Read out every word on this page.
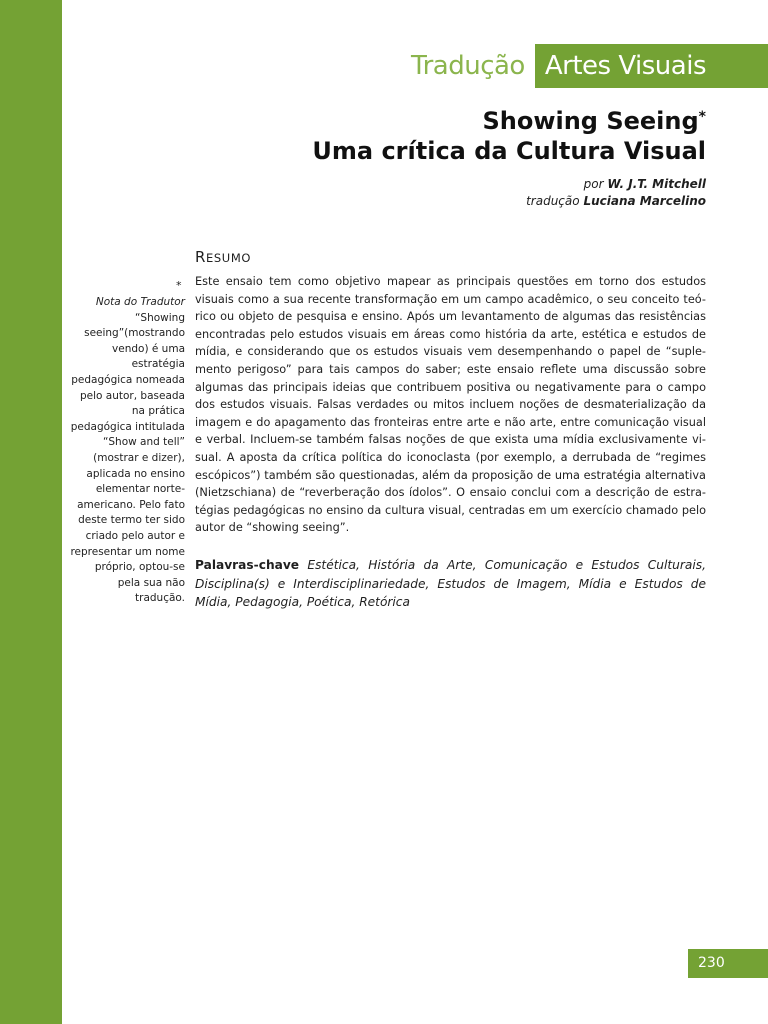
Tradução Artes Visuais
Showing Seeing*
Uma crítica da Cultura Visual
por W. J.T. Mitchell
tradução Luciana Marcelino
RESUMO
*
Nota do Tradutor
“Showing seeing”(mostrando vendo) é uma estratégia pedagógica nomeada pelo autor, baseada na prática pedagógica intitulada “Show and tell” (mostrar e dizer), aplicada no ensino elementar norte-americano. Pelo fato deste termo ter sido criado pelo autor e representar um nome próprio, optou-se pela sua não tradução.

Este ensaio tem como objetivo mapear as principais questões em torno dos estudos visuais como a sua recente transformação em um campo acadêmico, o seu conceito teó-rico ou objeto de pesquisa e ensino. Após um levantamento de algumas das resistências encontradas pelo estudos visuais em áreas como história da arte, estética e estudos de mídia, e considerando que os estudos visuais vem desempenhando o papel de “suple-mento perigoso” para tais campos do saber; este ensaio reflete uma discussão sobre algumas das principais ideias que contribuem positiva ou negativamente para o campo dos estudos visuais. Falsas verdades ou mitos incluem noções de desmaterialização da imagem e do apagamento das fronteiras entre arte e não arte, entre comunicação visual e verbal. Incluem-se também falsas noções de que exista uma mídia exclusivamente vi-sual. A aposta da crítica política do iconoclasta (por exemplo, a derrubada de “regimes escópicos”) também são questionadas, além da proposição de uma estratégia alternativa (Nietzschiana) de “reverberação dos ídolos”. O ensaio conclui com a descrição de estra-tégias pedagógicas no ensino da cultura visual, centradas em um exercício chamado pelo autor de “showing seeing”.

Palavras-chave Estética, História da Arte, Comunicação e Estudos Culturais, Disciplina(s) e Interdisciplinariedade, Estudos de Imagem, Mídia e Estudos de Mídia, Pedagogia, Poética, Retórica

230
